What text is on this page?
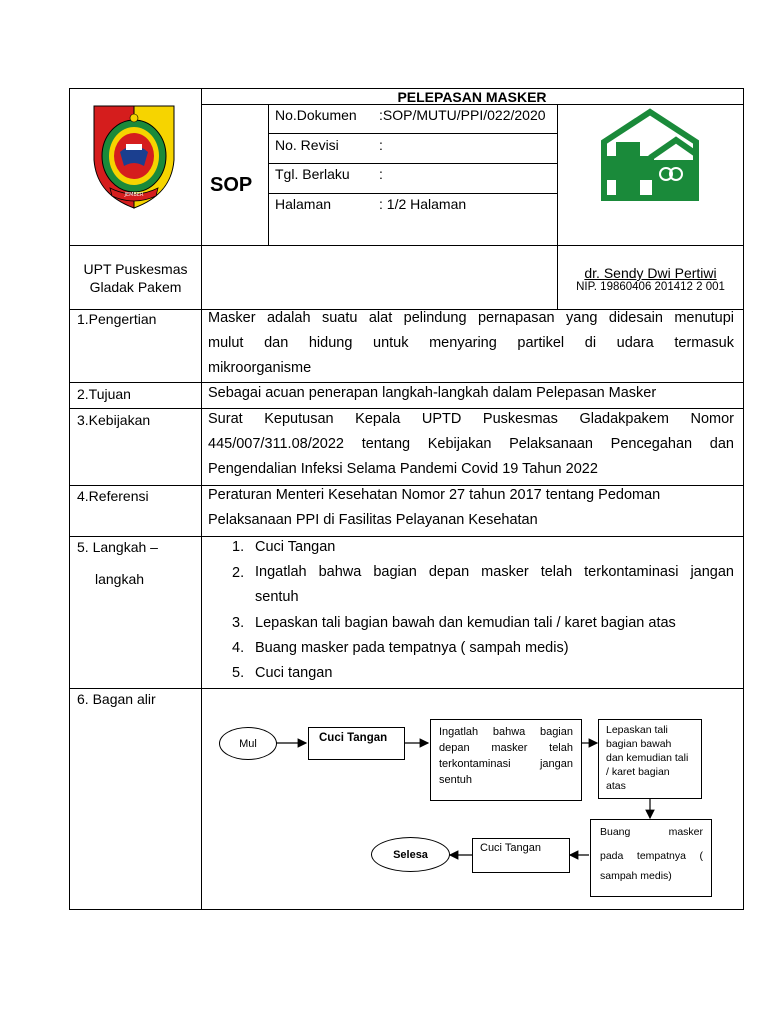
JEMBER
PELEPASAN MASKER
SOP
No.Dokumen :SOP/MUTU/PPI/022/2020
No. Revisi	:
Tgl. Berlaku :
Halaman	: 1/2 Halaman
UPT Puskesmas
Gladak Pakem
dr. Sendy Dwi Pertiwi
NIP. 19860406 201412 2 001
1.Pengertian	Masker adalah suatu alat pelindung pernapasan yang didesain menutupi
mulut dan hidung untuk menyaring partikel di udara termasuk
mikroorganisme
2.Tujuan	Sebagai acuan penerapan langkah-langkah dalam Pelepasan Masker
3.Kebijakan	Surat Keputusan Kepala UPTD Puskesmas Gladakpakem Nomor
445/007/311.08/2022 tentang Kebijakan Pelaksanaan Pencegahan dan
Pengendalian Infeksi Selama Pandemi Covid 19 Tahun 2022
4.Referensi	Peraturan Menteri Kesehatan Nomor 27 tahun 2017 tentang Pedoman
Pelaksanaan PPI di Fasilitas Pelayanan Kesehatan
5. Langkah –
langkah
1. Cuci Tangan
2. Ingatlah bahwa bagian depan masker telah terkontaminasi jangan
sentuh
3. Lepaskan tali bagian bawah dan kemudian tali / karet bagian atas
4. Buang masker pada tempatnya ( sampah medis)
5. Cuci tangan
6. Bagan alir
Mul	Cuci Tangan	Ingatlah bahwa bagian
depan masker telah
terkontaminasi jangan
sentuh
Lepaskan tali
bagian bawah
dan kemudian tali
/ karet bagian
atas
Buang masker
pada tempatnya (
sampah medis)
Cuci Tangan
Selesa
